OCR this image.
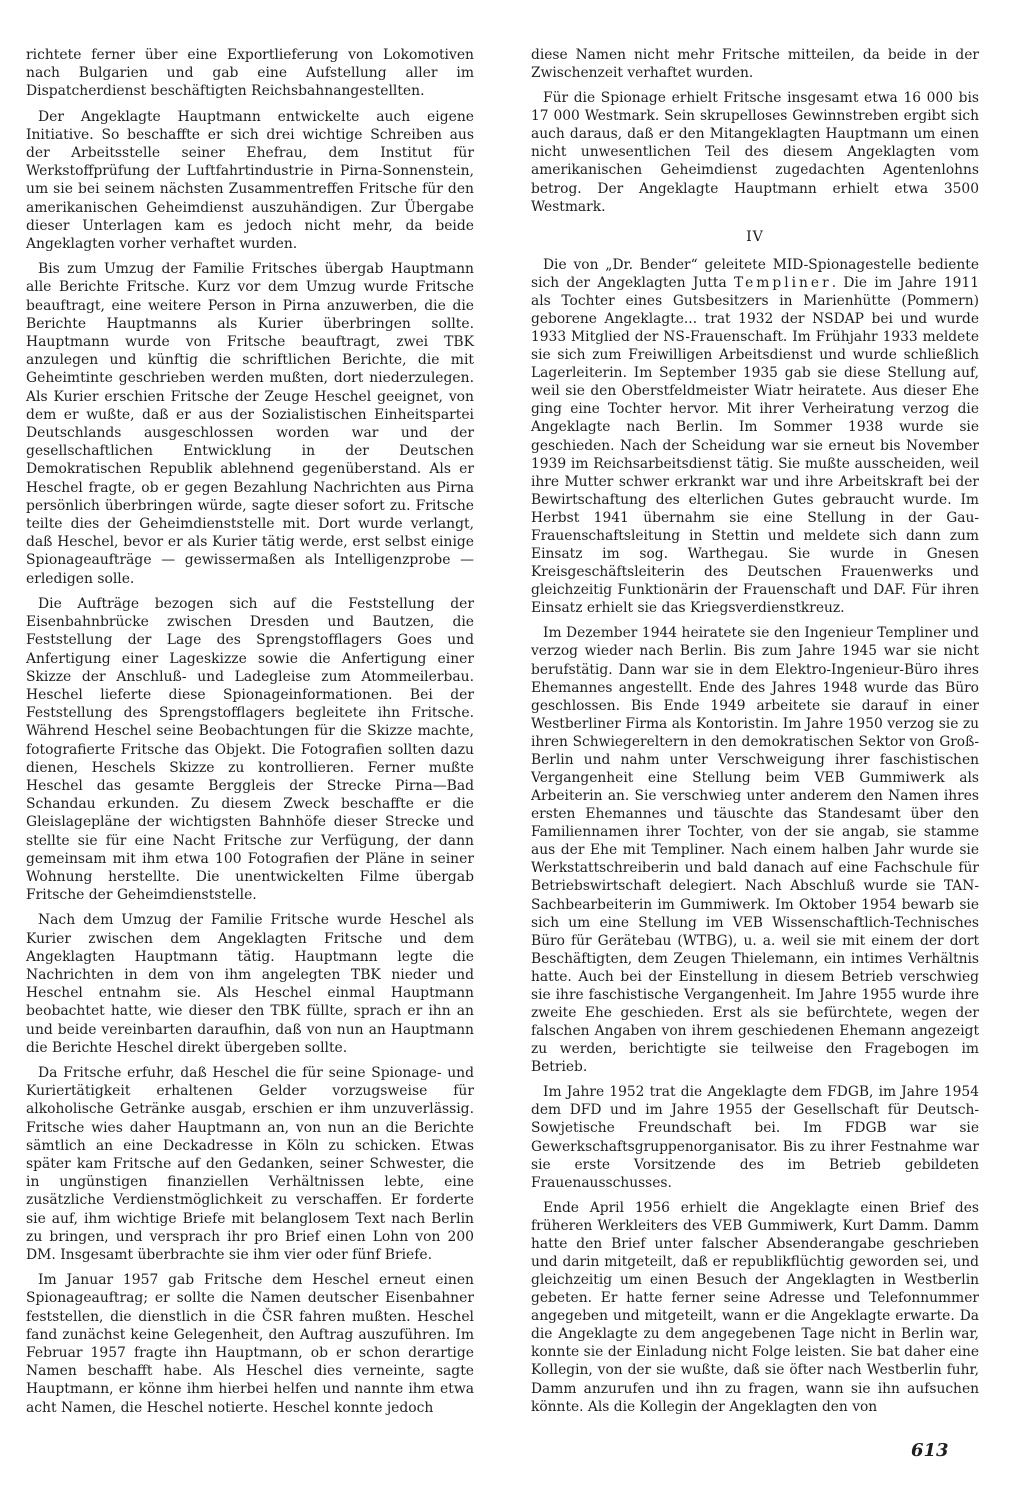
richtete ferner über eine Exportlieferung von Lokomotiven nach Bulgarien und gab eine Aufstellung aller im Dispatcherdienst beschäftigten Reichsbahnangestellten.

Der Angeklagte Hauptmann entwickelte auch eigene Initiative. So beschaffte er sich drei wichtige Schreiben aus der Arbeitsstelle seiner Ehefrau, dem Institut für Werkstoffprüfung der Luftfahrtindustrie in Pirna-Sonnenstein, um sie bei seinem nächsten Zusammentreffen Fritsche für den amerikanischen Geheimdienst auszuhändigen. Zur Übergabe dieser Unterlagen kam es jedoch nicht mehr, da beide Angeklagten vorher verhaftet wurden.

Bis zum Umzug der Familie Fritsches übergab Hauptmann alle Berichte Fritsche. Kurz vor dem Umzug wurde Fritsche beauftragt, eine weitere Person in Pirna anzuwerben, die die Berichte Hauptmanns als Kurier überbringen sollte. Hauptmann wurde von Fritsche beauftragt, zwei TBK anzulegen und künftig die schriftlichen Berichte, die mit Geheimtinte geschrieben werden mußten, dort niederzulegen. Als Kurier erschien Fritsche der Zeuge Heschel geeignet, von dem er wußte, daß er aus der Sozialistischen Einheitspartei Deutschlands ausgeschlossen worden war und der gesellschaftlichen Entwicklung in der Deutschen Demokratischen Republik ablehnend gegenüberstand. Als er Heschel fragte, ob er gegen Bezahlung Nachrichten aus Pirna persönlich überbringen würde, sagte dieser sofort zu. Fritsche teilte dies der Geheimdienststelle mit. Dort wurde verlangt, daß Heschel, bevor er als Kurier tätig werde, erst selbst einige Spionageaufträge — gewissermaßen als Intelligenzprobe — erledigen solle.

Die Aufträge bezogen sich auf die Feststellung der Eisenbahnbrücke zwischen Dresden und Bautzen, die Feststellung der Lage des Sprengstofflagers Goes und Anfertigung einer Lageskizze sowie die Anfertigung einer Skizze der Anschluß- und Ladegleise zum Atommeilerbau. Heschel lieferte diese Spionageinformationen. Bei der Feststellung des Sprengstofflagers begleitete ihn Fritsche. Während Heschel seine Beobachtungen für die Skizze machte, fotografierte Fritsche das Objekt. Die Fotografien sollten dazu dienen, Heschels Skizze zu kontrollieren. Ferner mußte Heschel das gesamte Berggleis der Strecke Pirna—Bad Schandau erkunden. Zu diesem Zweck beschaffte er die Gleislagepläne der wichtigsten Bahnhöfe dieser Strecke und stellte sie für eine Nacht Fritsche zur Verfügung, der dann gemeinsam mit ihm etwa 100 Fotografien der Pläne in seiner Wohnung herstellte. Die unentwickelten Filme übergab Fritsche der Geheimdienststelle.

Nach dem Umzug der Familie Fritsche wurde Heschel als Kurier zwischen dem Angeklagten Fritsche und dem Angeklagten Hauptmann tätig. Hauptmann legte die Nachrichten in dem von ihm angelegten TBK nieder und Heschel entnahm sie. Als Heschel einmal Hauptmann beobachtet hatte, wie dieser den TBK füllte, sprach er ihn an und beide vereinbarten daraufhin, daß von nun an Hauptmann die Berichte Heschel direkt übergeben sollte.

Da Fritsche erfuhr, daß Heschel die für seine Spionage- und Kuriertätigkeit erhaltenen Gelder vorzugsweise für alkoholische Getränke ausgab, erschien er ihm unzuverlässig. Fritsche wies daher Hauptmann an, von nun an die Berichte sämtlich an eine Deckadresse in Köln zu schicken. Etwas später kam Fritsche auf den Gedanken, seiner Schwester, die in ungünstigen finanziellen Verhältnissen lebte, eine zusätzliche Verdienstmöglichkeit zu verschaffen. Er forderte sie auf, ihm wichtige Briefe mit belanglosem Text nach Berlin zu bringen, und versprach ihr pro Brief einen Lohn von 200 DM. Insgesamt überbrachte sie ihm vier oder fünf Briefe.

Im Januar 1957 gab Fritsche dem Heschel erneut einen Spionageauftrag; er sollte die Namen deutscher Eisenbahner feststellen, die dienstlich in die ČSR fahren mußten. Heschel fand zunächst keine Gelegenheit, den Auftrag auszuführen. Im Februar 1957 fragte ihn Hauptmann, ob er schon derartige Namen beschafft habe. Als Heschel dies verneinte, sagte Hauptmann, er könne ihm hierbei helfen und nannte ihm etwa acht Namen, die Heschel notierte. Heschel konnte jedoch

diese Namen nicht mehr Fritsche mitteilen, da beide in der Zwischenzeit verhaftet wurden.

Für die Spionage erhielt Fritsche insgesamt etwa 16 000 bis 17 000 Westmark. Sein skrupelloses Gewinnstreben ergibt sich auch daraus, daß er den Mitangeklagten Hauptmann um einen nicht unwesentlichen Teil des diesem Angeklagten vom amerikanischen Geheimdienst zugedachten Agentenlohns betrog. Der Angeklagte Hauptmann erhielt etwa 3500 Westmark.

IV

Die von „Dr. Bender“ geleitete MID-Spionagestelle bediente sich der Angeklagten Jutta Templiner. Die im Jahre 1911 als Tochter eines Gutsbesitzers in Marienhütte (Pommern) geborene Angeklagte... trat 1932 der NSDAP bei und wurde 1933 Mitglied der NS-Frauenschaft. Im Frühjahr 1933 meldete sie sich zum Freiwilligen Arbeitsdienst und wurde schließlich Lagerleiterin. Im September 1935 gab sie diese Stellung auf, weil sie den Oberstfeldmeister Wiatr heiratete. Aus dieser Ehe ging eine Tochter hervor. Mit ihrer Verheiratung verzog die Angeklagte nach Berlin. Im Sommer 1938 wurde sie geschieden. Nach der Scheidung war sie erneut bis November 1939 im Reichsarbeitsdienst tätig. Sie mußte ausscheiden, weil ihre Mutter schwer erkrankt war und ihre Arbeitskraft bei der Bewirtschaftung des elterlichen Gutes gebraucht wurde. Im Herbst 1941 übernahm sie eine Stellung in der Gau-Frauenschaftsleitung in Stettin und meldete sich dann zum Einsatz im sog. Warthegau. Sie wurde in Gnesen Kreisgeschäftsleiterin des Deutschen Frauenwerks und gleichzeitig Funktionärin der Frauenschaft und DAF. Für ihren Einsatz erhielt sie das Kriegsverdienstkreuz.

Im Dezember 1944 heiratete sie den Ingenieur Templiner und verzog wieder nach Berlin. Bis zum Jahre 1945 war sie nicht berufstätig. Dann war sie in dem Elektro-Ingenieur-Büro ihres Ehemannes angestellt. Ende des Jahres 1948 wurde das Büro geschlossen. Bis Ende 1949 arbeitete sie darauf in einer Westberliner Firma als Kontoristin. Im Jahre 1950 verzog sie zu ihren Schwiegereltern in den demokratischen Sektor von Groß-Berlin und nahm unter Verschweigung ihrer faschistischen Vergangenheit eine Stellung beim VEB Gummiwerk als Arbeiterin an. Sie verschwieg unter anderem den Namen ihres ersten Ehemannes und täuschte das Standesamt über den Familiennamen ihrer Tochter, von der sie angab, sie stamme aus der Ehe mit Templiner. Nach einem halben Jahr wurde sie Werkstattschreiberin und bald danach auf eine Fachschule für Betriebswirtschaft delegiert. Nach Abschluß wurde sie TAN-Sachbearbeiterin im Gummiwerk. Im Oktober 1954 bewarb sie sich um eine Stellung im VEB Wissenschaftlich-Technisches Büro für Gerätebau (WTBG), u. a. weil sie mit einem der dort Beschäftigten, dem Zeugen Thielemann, ein intimes Verhältnis hatte. Auch bei der Einstellung in diesem Betrieb verschwieg sie ihre faschistische Vergangenheit. Im Jahre 1955 wurde ihre zweite Ehe geschieden. Erst als sie befürchtete, wegen der falschen Angaben von ihrem geschiedenen Ehemann angezeigt zu werden, berichtigte sie teilweise den Fragebogen im Betrieb.

Im Jahre 1952 trat die Angeklagte dem FDGB, im Jahre 1954 dem DFD und im Jahre 1955 der Gesellschaft für Deutsch-Sowjetische Freundschaft bei. Im FDGB war sie Gewerkschaftsgruppenorganisator. Bis zu ihrer Festnahme war sie erste Vorsitzende des im Betrieb gebildeten Frauenausschusses.

Ende April 1956 erhielt die Angeklagte einen Brief des früheren Werkleiters des VEB Gummiwerk, Kurt Damm. Damm hatte den Brief unter falscher Absenderangabe geschrieben und darin mitgeteilt, daß er republikflüchtig geworden sei, und gleichzeitig um einen Besuch der Angeklagten in Westberlin gebeten. Er hatte ferner seine Adresse und Telefonnummer angegeben und mitgeteilt, wann er die Angeklagte erwarte. Da die Angeklagte zu dem angegebenen Tage nicht in Berlin war, konnte sie der Einladung nicht Folge leisten. Sie bat daher eine Kollegin, von der sie wußte, daß sie öfter nach Westberlin fuhr, Damm anzurufen und ihn zu fragen, wann sie ihn aufsuchen könnte. Als die Kollegin der Angeklagten den von

613
